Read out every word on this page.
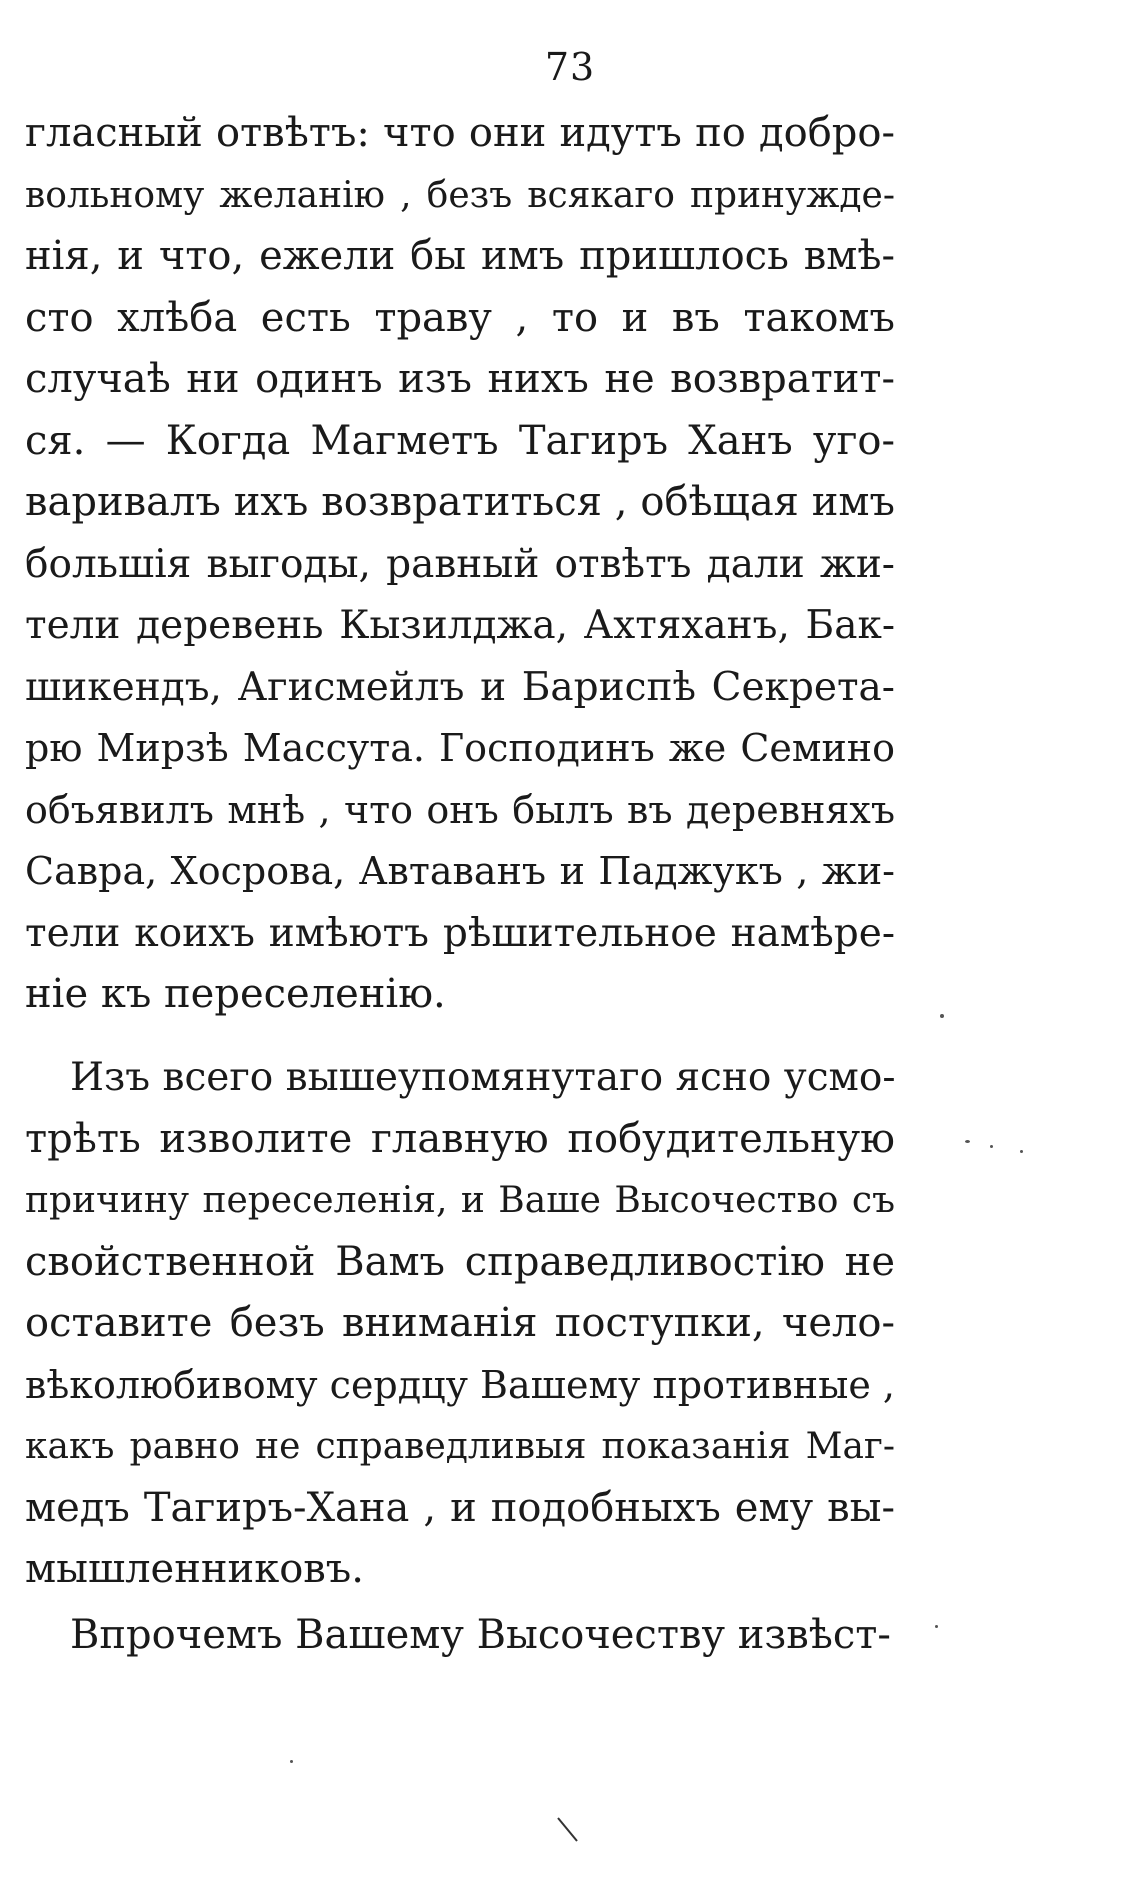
73
гласный отвѣтъ: что они идутъ по добро-
вольному желанію , безъ всякаго принужде-
нія, и что, ежели бы имъ пришлось вмѣ-
сто хлѣба есть траву , то и въ такомъ
случаѣ ни одинъ изъ нихъ не возвратит-
ся. — Когда Магметъ Тагиръ Ханъ уго-
варивалъ ихъ возвратиться , обѣщая имъ
большія выгоды, равный отвѣтъ дали жи-
тели деревень Кызилджа, Ахтяханъ, Бак-
шикендъ, Агисмейлъ и Бариспѣ Секрета-
рю Мирзѣ Массута. Господинъ же Семино
объявилъ мнѣ , что онъ былъ въ деревняхъ
Савра, Хосрова, Автаванъ и Паджукъ , жи-
тели коихъ имѣютъ рѣшительное намѣре-
ніе къ переселенію.
Изъ всего вышеупомянутаго ясно усмо-
трѣть изволите главную побудительную
причину переселенія, и Ваше Высочество съ
свойственной Вамъ справедливостію не
оставите безъ вниманія поступки, чело-
вѣколюбивому сердцу Вашему противные ,
какъ равно не справедливыя показанія Маг-
медъ Тагиръ-Хана , и подобныхъ ему вы-
мышленниковъ.
Впрочемъ Вашему Высочеству извѣст-
